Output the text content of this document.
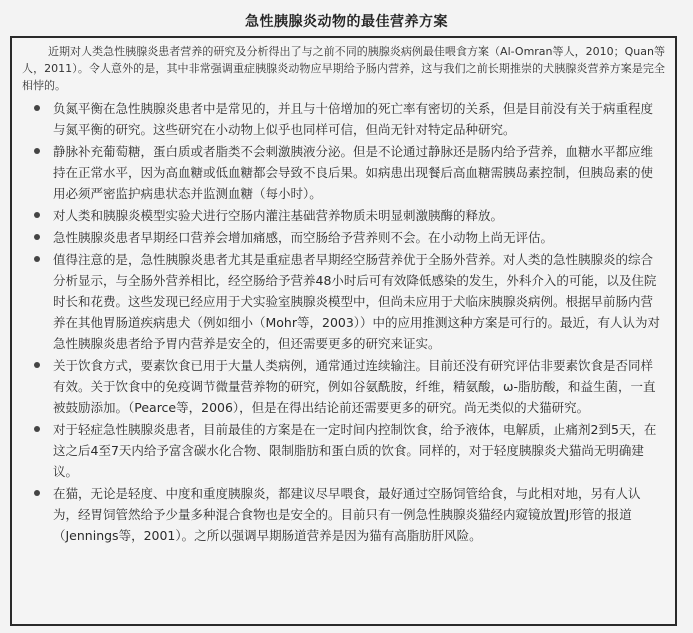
急性胰腺炎动物的最佳营养方案

近期对人类急性胰腺炎患者营养的研究及分析得出了与之前不同的胰腺炎病例最佳喂食方案（Al-Omran等人，2010；Quan等人，2011）。令人意外的是，其中非常强调重症胰腺炎动物应早期给予肠内营养，这与我们之前长期推崇的犬胰腺炎营养方案是完全相悖的。

负氮平衡在急性胰腺炎患者中是常见的，并且与十倍增加的死亡率有密切的关系，但是目前没有关于病重程度与氮平衡的研究。这些研究在小动物上似乎也同样可信，但尚无针对特定品种研究。
静脉补充葡萄糖，蛋白质或者脂类不会刺激胰液分泌。但是不论通过静脉还是肠内给予营养，血糖水平都应维持在正常水平，因为高血糖或低血糖都会导致不良后果。如病患出现餐后高血糖需胰岛素控制，但胰岛素的使用必须严密监护病患状态并监测血糖（每小时）。
对人类和胰腺炎模型实验犬进行空肠内灌注基础营养物质未明显刺激胰酶的释放。
急性胰腺炎患者早期经口营养会增加痛感，而空肠给予营养则不会。在小动物上尚无评估。
值得注意的是，急性胰腺炎患者尤其是重症患者早期经空肠营养优于全肠外营养。对人类的急性胰腺炎的综合分析显示，与全肠外营养相比，经空肠给予营养48小时后可有效降低感染的发生，外科介入的可能，以及住院时长和花费。这些发现已经应用于犬实验室胰腺炎模型中，但尚未应用于犬临床胰腺炎病例。根据早前肠内营养在其他胃肠道疾病患犬（例如细小（Mohr等，2003））中的应用推测这种方案是可行的。最近，有人认为对急性胰腺炎患者给予胃内营养是安全的，但还需要更多的研究来证实。
关于饮食方式，要素饮食已用于大量人类病例，通常通过连续输注。目前还没有研究评估非要素饮食是否同样有效。关于饮食中的免疫调节微量营养物的研究，例如谷氨酰胺，纤维，精氨酸，ω-脂肪酸，和益生菌，一直被鼓励添加。（Pearce等，2006），但是在得出结论前还需要更多的研究。尚无类似的犬猫研究。
对于轻症急性胰腺炎患者，目前最佳的方案是在一定时间内控制饮食，给予液体，电解质，止痛剂2到5天，在这之后4至7天内给予富含碳水化合物、限制脂肪和蛋白质的饮食。同样的，对于轻度胰腺炎犬猫尚无明确建议。
在猫，无论是轻度、中度和重度胰腺炎，都建议尽早喂食，最好通过空肠饲管给食，与此相对地，另有人认为，经胃饲管然给予少量多种混合食物也是安全的。目前只有一例急性胰腺炎猫经内窥镜放置J形管的报道（Jennings等，2001）。之所以强调早期肠道营养是因为猫有高脂肪肝风险。
